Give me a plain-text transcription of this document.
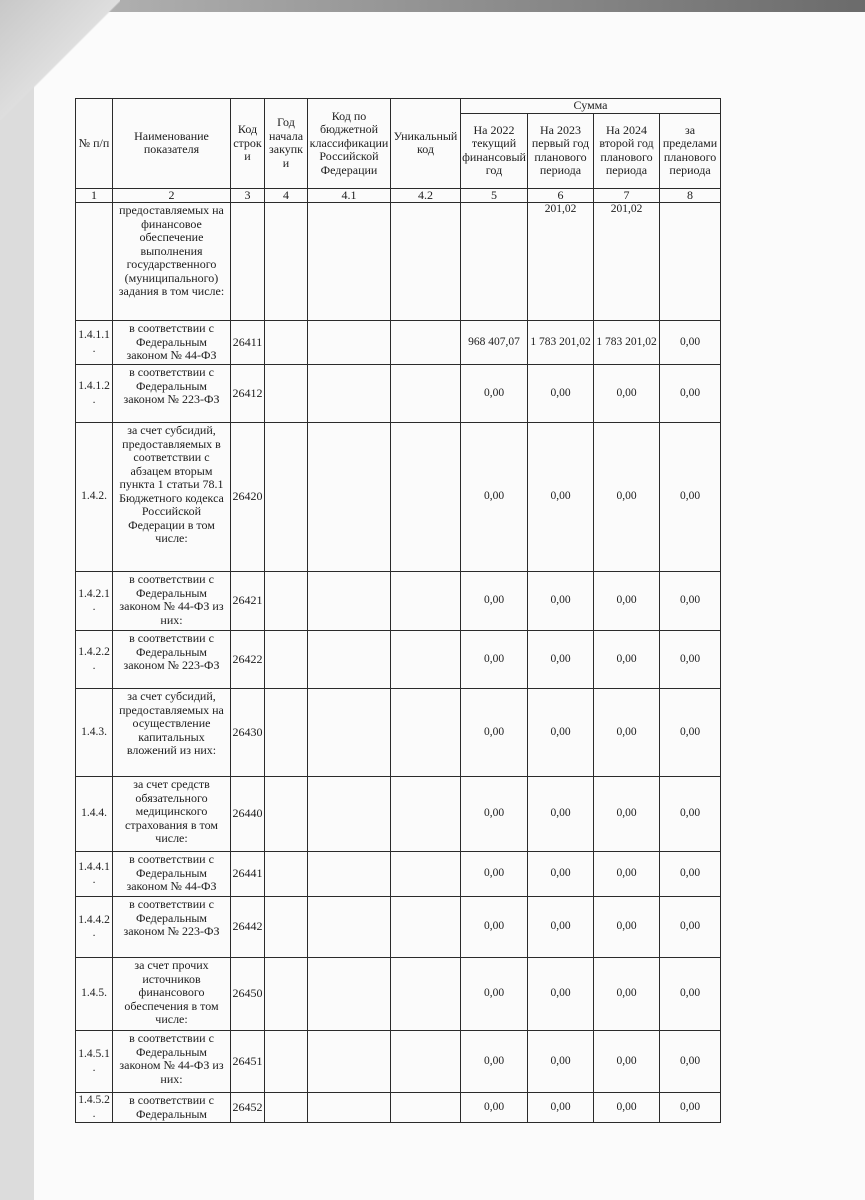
№ п/п	Наименование показателя	Код строки	Год начала закупки	Код по бюджетной классификации Российской Федерации	Уникальный код	Сумма			
						На 2022 текущий финансовый год	На 2023 первый год планового периода	На 2024 второй год планового периода	за пределами планового периода
1	2	3	4	4.1	4.2	5	6	7	8
	предоставляемых на финансовое обеспечение выполнения государственного (муниципального) задания в том числе:						201,02	201,02	
1.4.1.1.	в соответствии с Федеральным законом № 44-ФЗ	26411				968 407,07	1 783 201,02	1 783 201,02	0,00
1.4.1.2.	в соответствии с Федеральным законом № 223-ФЗ	26412				0,00	0,00	0,00	0,00
1.4.2.	за счет субсидий, предоставляемых в соответствии с абзацем вторым пункта 1 статьи 78.1 Бюджетного кодекса Российской Федерации в том числе:	26420				0,00	0,00	0,00	0,00
1.4.2.1.	в соответствии с Федеральным законом № 44-ФЗ из них:	26421				0,00	0,00	0,00	0,00
1.4.2.2.	в соответствии с Федеральным законом № 223-ФЗ	26422				0,00	0,00	0,00	0,00
1.4.3.	за счет субсидий, предоставляемых на осуществление капитальных вложений из них:	26430				0,00	0,00	0,00	0,00
1.4.4.	за счет средств обязательного медицинского страхования в том числе:	26440				0,00	0,00	0,00	0,00
1.4.4.1.	в соответствии с Федеральным законом № 44-ФЗ	26441				0,00	0,00	0,00	0,00
1.4.4.2.	в соответствии с Федеральным законом № 223-ФЗ	26442				0,00	0,00	0,00	0,00
1.4.5.	за счет прочих источников финансового обеспечения в том числе:	26450				0,00	0,00	0,00	0,00
1.4.5.1.	в соответствии с Федеральным законом № 44-ФЗ из них:	26451				0,00	0,00	0,00	0,00
1.4.5.2.	в соответствии с Федеральным	26452				0,00	0,00	0,00	0,00
